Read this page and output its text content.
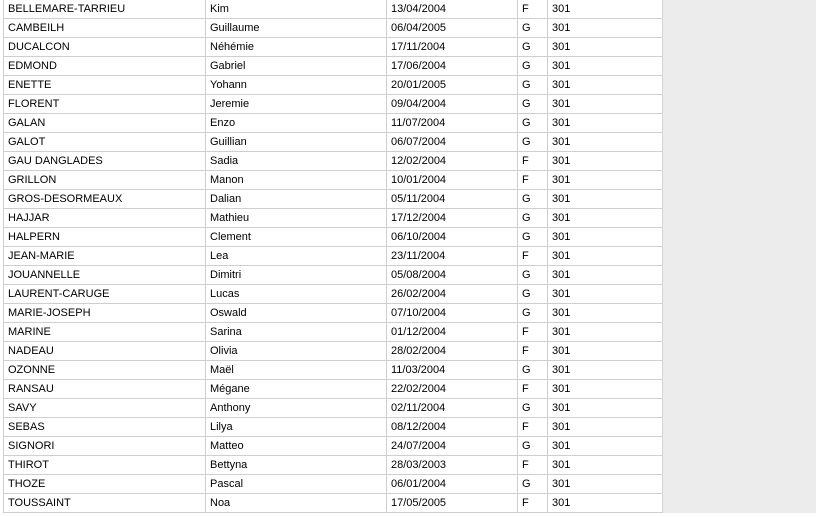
BELLEMARE-TARRIEU	Kim	13/04/2004	F	301
CAMBEILH	Guillaume	06/04/2005	G	301
DUCALCON	Néhémie	17/11/2004	G	301
EDMOND	Gabriel	17/06/2004	G	301
ENETTE	Yohann	20/01/2005	G	301
FLORENT	Jeremie	09/04/2004	G	301
GALAN	Enzo	11/07/2004	G	301
GALOT	Guillian	06/07/2004	G	301
GAU DANGLADES	Sadia	12/02/2004	F	301
GRILLON	Manon	10/01/2004	F	301
GROS-DESORMEAUX	Dalian	05/11/2004	G	301
HAJJAR	Mathieu	17/12/2004	G	301
HALPERN	Clement	06/10/2004	G	301
JEAN-MARIE	Lea	23/11/2004	F	301
JOUANNELLE	Dimitri	05/08/2004	G	301
LAURENT-CARUGE	Lucas	26/02/2004	G	301
MARIE-JOSEPH	Oswald	07/10/2004	G	301
MARINE	Sarina	01/12/2004	F	301
NADEAU	Olivia	28/02/2004	F	301
OZONNE	Maël	11/03/2004	G	301
RANSAU	Mégane	22/02/2004	F	301
SAVY	Anthony	02/11/2004	G	301
SEBAS	Lilya	08/12/2004	F	301
SIGNORI	Matteo	24/07/2004	G	301
THIROT	Bettyna	28/03/2003	F	301
THOZE	Pascal	06/01/2004	G	301
TOUSSAINT	Noa	17/05/2005	F	301
